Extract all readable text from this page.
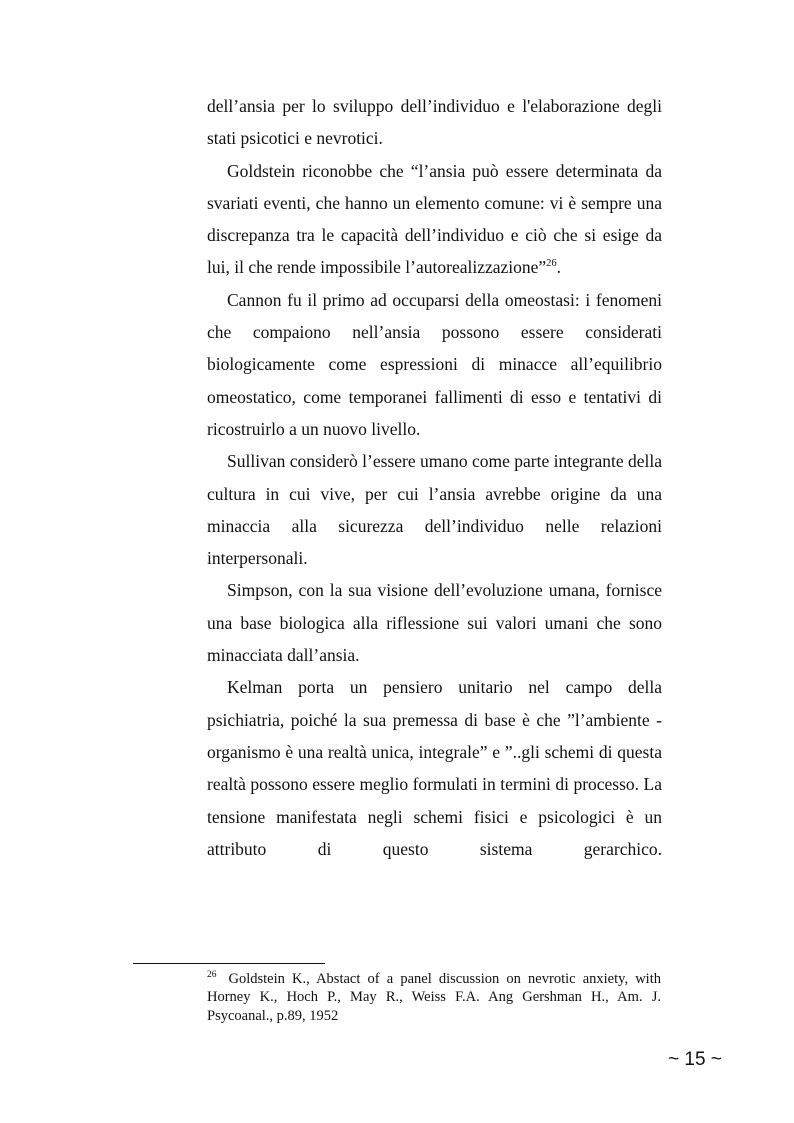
dell’ansia per lo sviluppo dell’individuo e l'elaborazione degli stati psicotici e nevrotici.

Goldstein riconobbe che “l’ansia può essere determinata da svariati eventi, che hanno un elemento comune: vi è sempre una discrepanza tra le capacità dell’individuo e ciò che si esige da lui, il che rende impossibile l’autorealizzazione”$^{26}$.

Cannon fu il primo ad occuparsi della omeostasi: i fenomeni che compaiono nell’ansia possono essere considerati biologicamente come espressioni di minacce all’equilibrio omeostatico, come temporanei fallimenti di esso e tentativi di ricostruirlo a un nuovo livello.

Sullivan considerò l’essere umano come parte integrante della cultura in cui vive, per cui l’ansia avrebbe origine da una minaccia alla sicurezza dell’individuo nelle relazioni interpersonali.

Simpson, con la sua visione dell’evoluzione umana, fornisce una base biologica alla riflessione sui valori umani che sono minacciata dall’ansia.

Kelman porta un pensiero unitario nel campo della psichiatria, poiché la sua premessa di base è che ”l’ambiente - organismo è una realtà unica, integrale” e ”..gli schemi di questa realtà possono essere meglio formulati in termini di processo. La tensione manifestata negli schemi fisici e psicologici è un attributo di questo sistema gerarchico.

$^{26}$ Goldstein K., Abstact of a panel discussion on nevrotic anxiety, with Horney K., Hoch P., May R., Weiss F.A. Ang Gershman H., Am. J. Psycoanal., p.89, 1952
~ 15 ~
